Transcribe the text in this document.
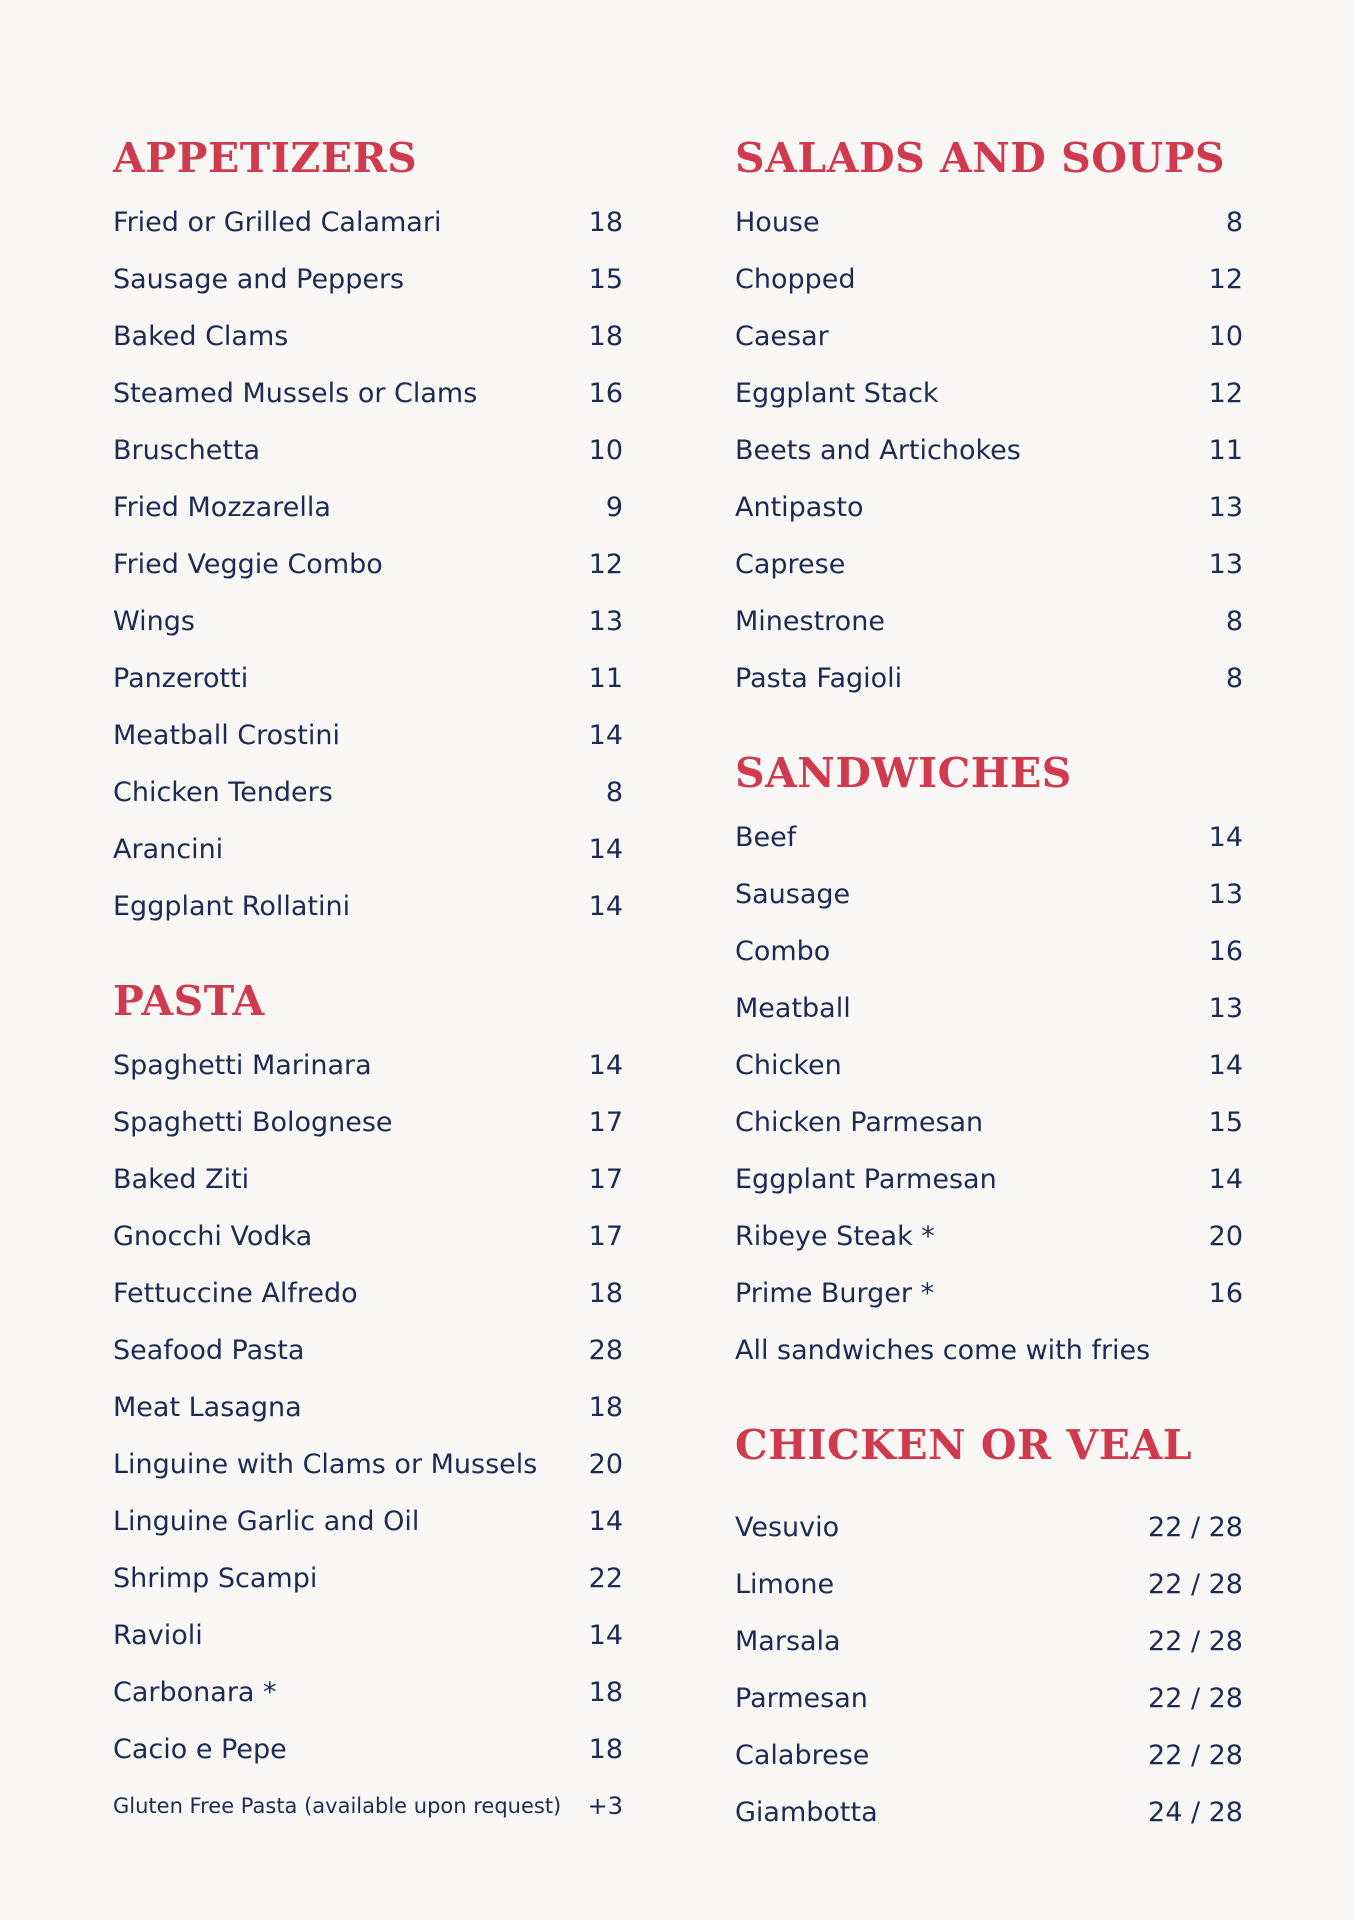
APPETIZERS
Fried or Grilled Calamari	18
Sausage and Peppers	15
Baked Clams	18
Steamed Mussels or Clams	16
Bruschetta	10
Fried Mozzarella	9
Fried Veggie Combo	12
Wings	13
Panzerotti	11
Meatball Crostini	14
Chicken Tenders	8
Arancini	14
Eggplant Rollatini	14
PASTA
Spaghetti Marinara	14
Spaghetti Bolognese	17
Baked Ziti	17
Gnocchi Vodka	17
Fettuccine Alfredo	18
Seafood Pasta	28
Meat Lasagna	18
Linguine with Clams or Mussels	20
Linguine Garlic and Oil	14
Shrimp Scampi	22
Ravioli	14
Carbonara *	18
Cacio e Pepe	18
Gluten Free Pasta (available upon request)	+3
SALADS AND SOUPS
House	8
Chopped	12
Caesar	10
Eggplant Stack	12
Beets and Artichokes	11
Antipasto	13
Caprese	13
Minestrone	8
Pasta Fagioli	8
SANDWICHES
Beef	14
Sausage	13
Combo	16
Meatball	13
Chicken	14
Chicken Parmesan	15
Eggplant Parmesan	14
Ribeye Steak *	20
Prime Burger *	16
All sandwiches come with fries
CHICKEN OR VEAL
Vesuvio	22 / 28
Limone	22 / 28
Marsala	22 / 28
Parmesan	22 / 28
Calabrese	22 / 28
Giambotta	24 / 28
